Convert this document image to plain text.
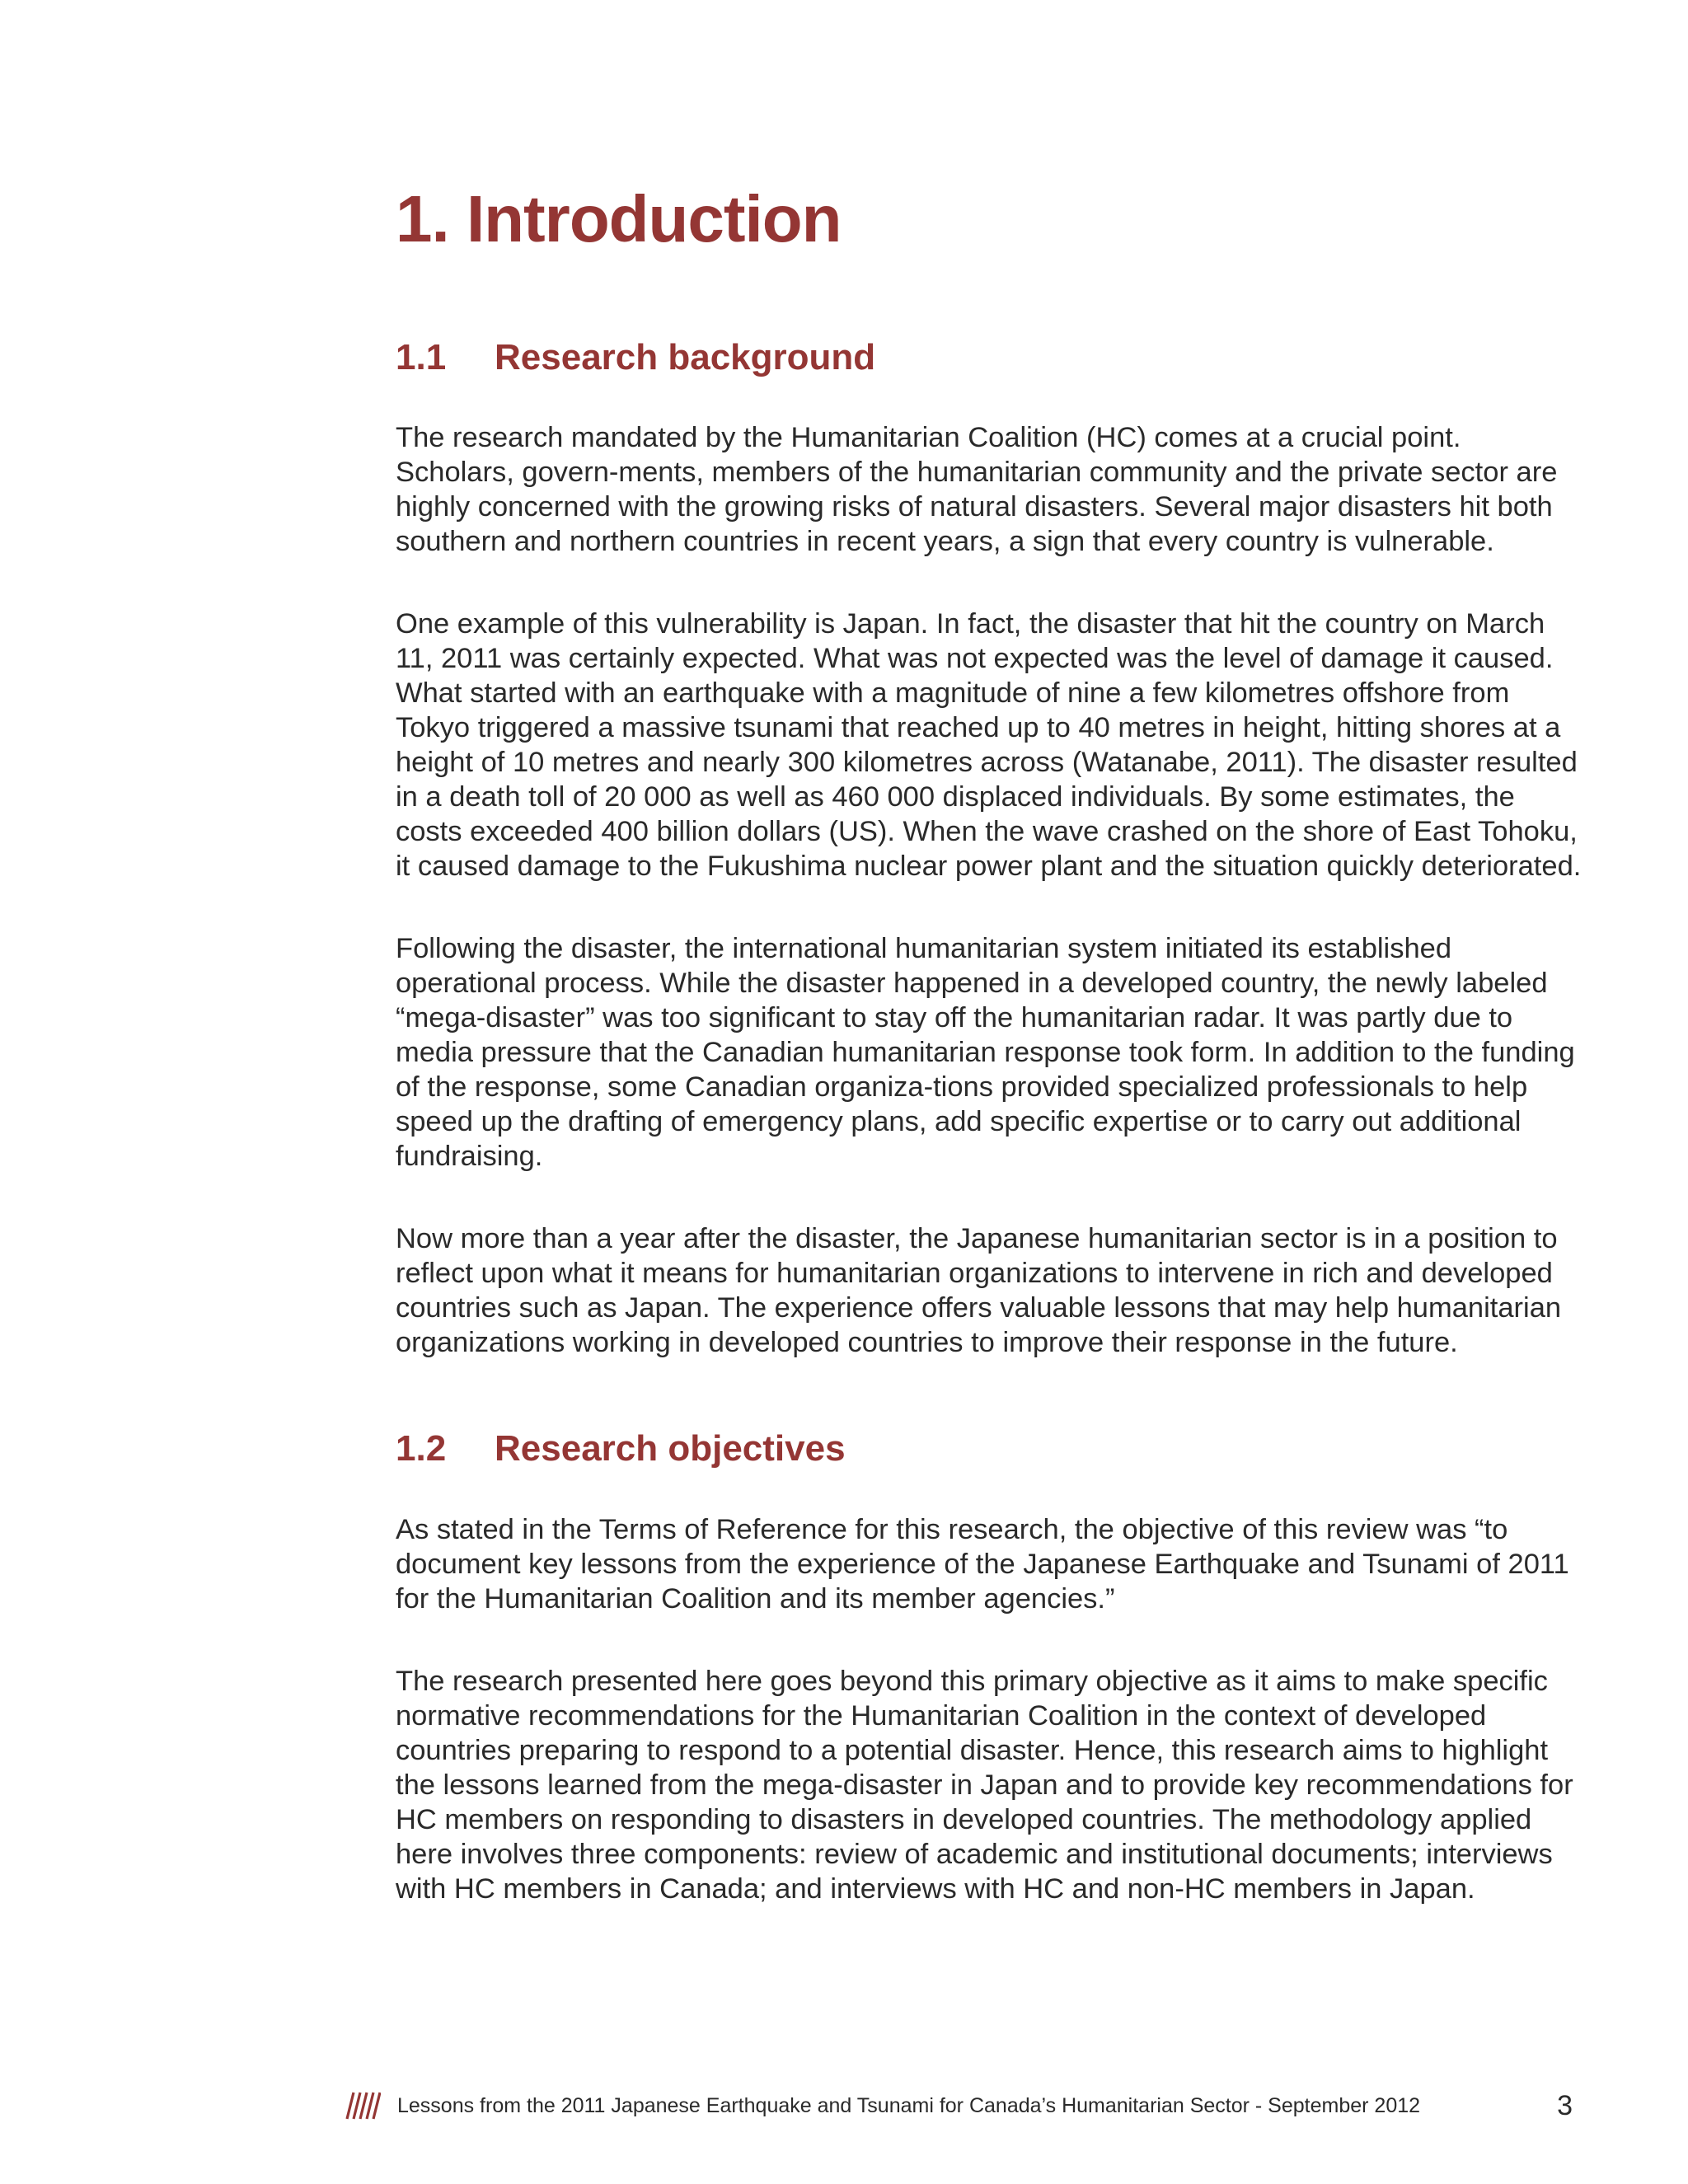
1. Introduction
1.1	Research background

The research mandated by the Humanitarian Coalition (HC) comes at a crucial point. Scholars, govern-ments, members of the humanitarian community and the private sector are highly concerned with the growing risks of natural disasters. Several major disasters hit both southern and northern countries in recent years, a sign that every country is vulnerable.

One example of this vulnerability is Japan. In fact, the disaster that hit the country on March 11, 2011 was certainly expected. What was not expected was the level of damage it caused. What started with an earthquake with a magnitude of nine a few kilometres offshore from Tokyo triggered a massive tsunami that reached up to 40 metres in height, hitting shores at a height of 10 metres and nearly 300 kilometres across (Watanabe, 2011). The disaster resulted in a death toll of 20 000 as well as 460 000 displaced individuals. By some estimates, the costs exceeded 400 billion dollars (US). When the wave crashed on the shore of East Tohoku, it caused damage to the Fukushima nuclear power plant and the situation quickly deteriorated.

Following the disaster, the international humanitarian system initiated its established operational process. While the disaster happened in a developed country, the newly labeled “mega-disaster” was too significant to stay off the humanitarian radar. It was partly due to media pressure that the Canadian humanitarian response took form. In addition to the funding of the response, some Canadian organiza-tions provided specialized professionals to help speed up the drafting of emergency plans, add specific expertise or to carry out additional fundraising.

Now more than a year after the disaster, the Japanese humanitarian sector is in a position to reflect upon what it means for humanitarian organizations to intervene in rich and developed countries such as Japan. The experience offers valuable lessons that may help humanitarian organizations working in developed countries to improve their response in the future.

1.2	Research objectives

As stated in the Terms of Reference for this research, the objective of this review was “to document key lessons from the experience of the Japanese Earthquake and Tsunami of 2011 for the Humanitarian Coalition and its member agencies.”

The research presented here goes beyond this primary objective as it aims to make specific normative recommendations for the Humanitarian Coalition in the context of developed countries preparing to respond to a potential disaster. Hence, this research aims to highlight the lessons learned from the mega-disaster in Japan and to provide key recommendations for HC members on responding to disasters in developed countries. The methodology applied here involves three components: review of academic and institutional documents; interviews with HC members in Canada; and interviews with HC and non-HC members in Japan.

Lessons from the 2011 Japanese Earthquake and Tsunami for Canada’s Humanitarian Sector - September 2012	3
